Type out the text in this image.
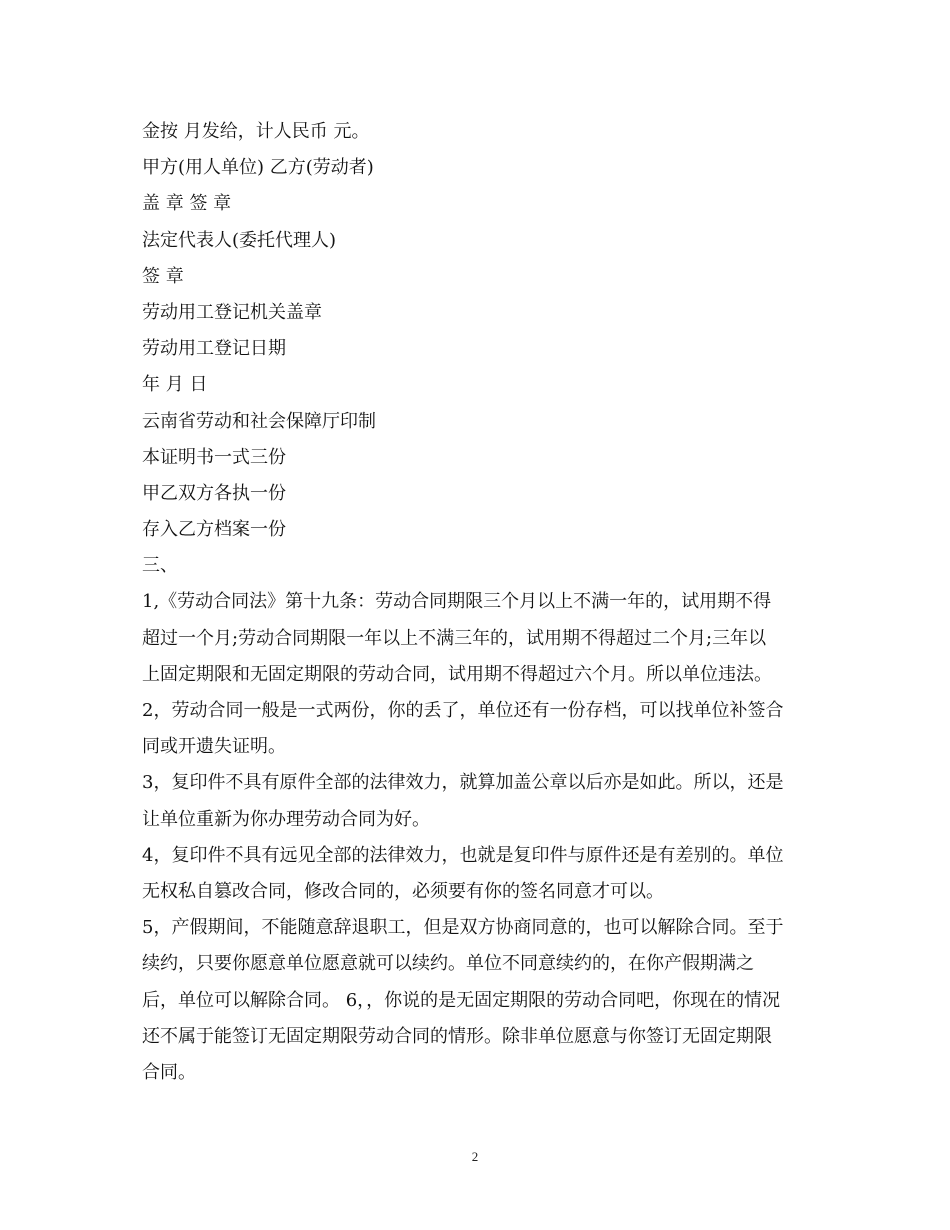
金按 月发给，计人民币 元。
甲方(用人单位) 乙方(劳动者)
盖 章 签 章
法定代表人(委托代理人)
签 章
劳动用工登记机关盖章
劳动用工登记日期
年 月 日
云南省劳动和社会保障厅印制
本证明书一式三份
甲乙双方各执一份
存入乙方档案一份
三、
1,《劳动合同法》第十九条：劳动合同期限三个月以上不满一年的，试用期不得
超过一个月;劳动合同期限一年以上不满三年的，试用期不得超过二个月;三年以
上固定期限和无固定期限的劳动合同，试用期不得超过六个月。所以单位违法。
2，劳动合同一般是一式两份，你的丢了，单位还有一份存档，可以找单位补签合
同或开遗失证明。
3，复印件不具有原件全部的法律效力，就算加盖公章以后亦是如此。所以，还是
让单位重新为你办理劳动合同为好。
4，复印件不具有远见全部的法律效力，也就是复印件与原件还是有差别的。单位
无权私自篡改合同，修改合同的，必须要有你的签名同意才可以。
5，产假期间，不能随意辞退职工，但是双方协商同意的，也可以解除合同。至于
续约，只要你愿意单位愿意就可以续约。单位不同意续约的，在你产假期满之
后，单位可以解除合同。 6，，你说的是无固定期限的劳动合同吧，你现在的情况
还不属于能签订无固定期限劳动合同的情形。除非单位愿意与你签订无固定期限
合同。
2
